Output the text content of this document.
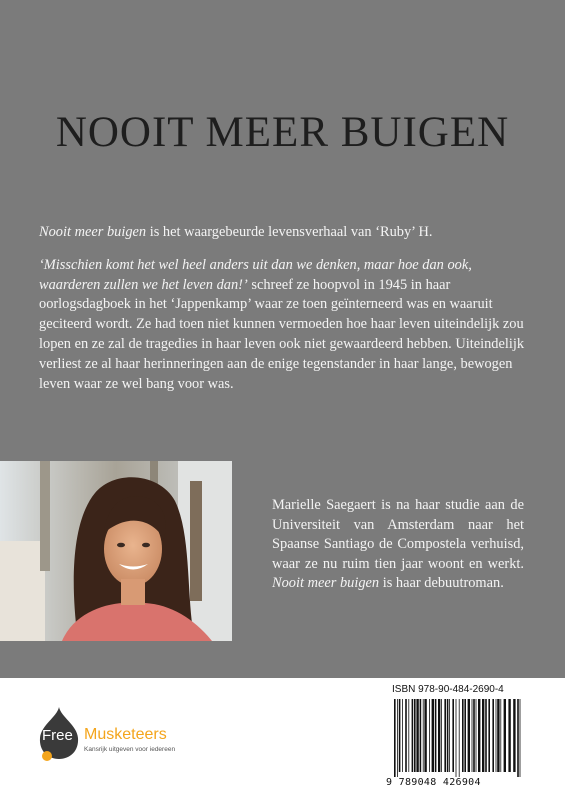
NOOIT MEER BUIGEN

Nooit meer buigen is het waargebeurde levensverhaal van ‘Ruby’ H.

‘Misschien komt het wel heel anders uit dan we denken, maar hoe dan ook, waarderen zullen we het leven dan!’ schreef ze hoopvol in 1945 in haar oorlogsdagboek in het ‘Jappenkamp’ waar ze toen geïnterneerd was en waaruit geciteerd wordt. Ze had toen niet kunnen vermoeden hoe haar leven uiteindelijk zou lopen en ze zal de tragedies in haar leven ook niet gewaardeerd hebben. Uiteindelijk verliest ze al haar herinneringen aan de enige tegenstander in haar lange, bewogen leven waar ze wel bang voor was.

Marielle Saegaert is na haar studie aan de Universiteit van Amsterdam naar het Spaanse Santiago de Compostela verhuisd, waar ze nu ruim tien jaar woont en werkt. Nooit meer buigen is haar debuutroman.
Free Musketeers
Kansrijk uitgeven voor iedereen
ISBN 978-90-484-2690-4
9 789048 426904
